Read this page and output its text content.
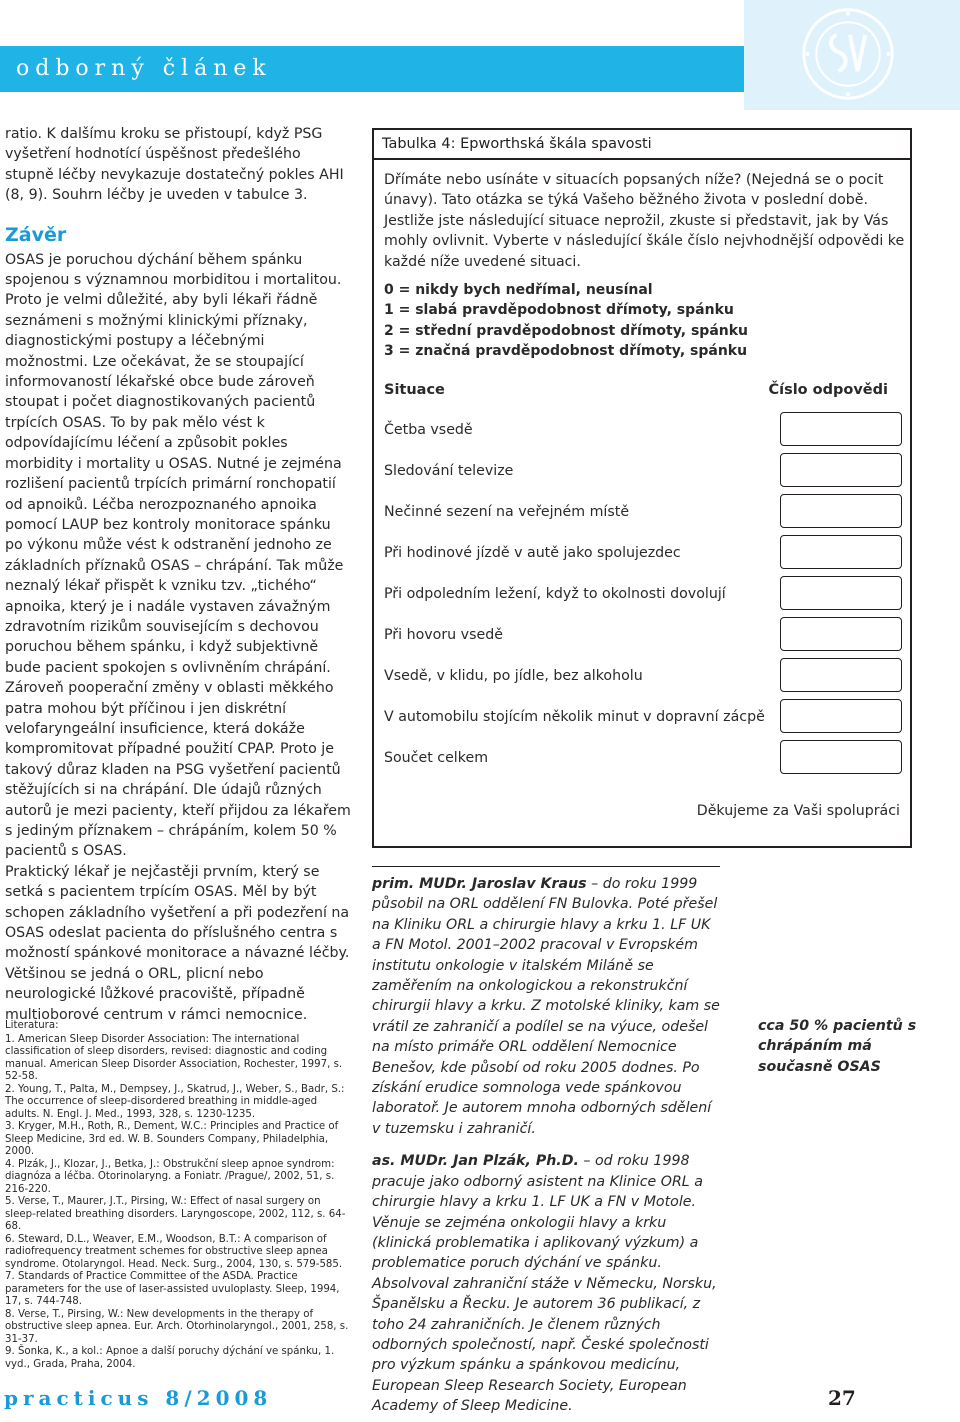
odborný článek

ratio. K dalšímu kroku se přistoupí, když PSG vyšetření hodnotící úspěšnost předešlého stupně léčby nevykazuje dostatečný pokles AHI (8, 9). Souhrn léčby je uveden v tabulce 3.

Závěr

OSAS je poruchou dýchání během spánku spojenou s významnou morbiditou i mortalitou. Proto je velmi důležité, aby byli lékaři řádně seznámeni s možnými klinickými příznaky, diagnostickými postupy a léčebnými možnostmi. Lze očekávat, že se stoupající informovaností lékařské obce bude zároveň stoupat i počet diagnostikovaných pacientů trpících OSAS. To by pak mělo vést k odpovídajícímu léčení a způsobit pokles morbidity i mortality u OSAS. Nutné je zejména rozlišení pacientů trpících primární ronchopatií od apnoiků. Léčba nerozpoznaného apnoika pomocí LAUP bez kontroly monitorace spánku po výkonu může vést k odstranění jednoho ze základních příznaků OSAS – chrápání. Tak může neznalý lékař přispět k vzniku tzv. „tichého“ apnoika, který je i nadále vystaven závažným zdravotním rizikům souvisejícím s dechovou poruchou během spánku, i když subjektivně bude pacient spokojen s ovlivněním chrápání. Zároveň pooperační změny v oblasti měkkého patra mohou být příčinou i jen diskrétní velofaryngeální insuficience, která dokáže kompromitovat případné použití CPAP. Proto je takový důraz kladen na PSG vyšetření pacientů stěžujících si na chrápání. Dle údajů různých autorů je mezi pacienty, kteří přijdou za lékařem s jediným příznakem – chrápáním, kolem 50 % pacientů s OSAS.

Praktický lékař je nejčastěji prvním, který se setká s pacientem trpícím OSAS. Měl by být schopen základního vyšetření a při podezření na OSAS odeslat pacienta do příslušného centra s možností spánkové monitorace a návazné léčby. Většinou se jedná o ORL, plicní nebo neurologické lůžkové pracoviště, případně multioborové centrum v rámci nemocnice.

Literatura:
1. American Sleep Disorder Association: The international classification of sleep disorders, revised: diagnostic and coding manual. American Sleep Disorder Association, Rochester, 1997, s. 52-58.
2. Young, T., Palta, M., Dempsey, J., Skatrud, J., Weber, S., Badr, S.: The occurrence of sleep-disordered breathing in middle-aged adults. N. Engl. J. Med., 1993, 328, s. 1230-1235.
3. Kryger, M.H., Roth, R., Dement, W.C.: Principles and Practice of Sleep Medicine, 3rd ed. W. B. Sounders Company, Philadelphia, 2000.
4. Plzák, J., Klozar, J., Betka, J.: Obstrukční sleep apnoe syndrom: diagnóza a léčba. Otorinolaryng. a Foniatr. /Prague/, 2002, 51, s. 216-220.
5. Verse, T., Maurer, J.T., Pirsing, W.: Effect of nasal surgery on sleep-related breathing disorders. Laryngoscope, 2002, 112, s. 64-68.
6. Steward, D.L., Weaver, E.M., Woodson, B.T.: A comparison of radiofrequency treatment schemes for obstructive sleep apnea syndrome. Otolaryngol. Head. Neck. Surg., 2004, 130, s. 579-585.
7. Standards of Practice Committee of the ASDA. Practice parameters for the use of laser-assisted uvuloplasty. Sleep, 1994, 17, s. 744-748.
8. Verse, T., Pirsing, W.: New developments in the therapy of obstructive sleep apnea. Eur. Arch. Otorhinolaryngol., 2001, 258, s. 31-37.
9. Šonka, K., a kol.: Apnoe a další poruchy dýchání ve spánku, 1. vyd., Grada, Praha, 2004.
Tabulka 4: Epworthská škála spavosti
Dřímáte nebo usínáte v situacích popsaných níže? (Nejedná se o pocit únavy). Tato otázka se týká Vašeho běžného života v poslední době. Jestliže jste následující situace neprožil, zkuste si představit, jak by Vás mohly ovlivnit. Vyberte v následující škále číslo nejvhodnější odpovědi ke každé níže uvedené situaci.
0 = nikdy bych nedřímal, neusínal
1 = slabá pravděpodobnost dřímoty, spánku
2 = střední pravděpodobnost dřímoty, spánku
3 = značná pravděpodobnost dřímoty, spánku
Situace	Číslo odpovědi
Četba vsedě
Sledování televize
Nečinné sezení na veřejném místě
Při hodinové jízdě v autě jako spolujezdec
Při odpoledním ležení, když to okolnosti dovolují
Při hovoru vsedě
Vsedě, v klidu, po jídle, bez alkoholu
V automobilu stojícím několik minut v dopravní zácpě
Součet celkem
Děkujeme za Vaši spolupráci

prim. MUDr. Jaroslav Kraus – do roku 1999 působil na ORL oddělení FN Bulovka. Poté přešel na Kliniku ORL a chirurgie hlavy a krku 1. LF UK a FN Motol. 2001–2002 pracoval v Evropském institutu onkologie v italském Miláně se zaměřením na onkologickou a rekonstrukční chirurgii hlavy a krku. Z motolské kliniky, kam se vrátil ze zahraničí a podílel se na výuce, odešel na místo primáře ORL oddělení Nemocnice Benešov, kde působí od roku 2005 dodnes. Po získání erudice somnologa vede spánkovou laboratoř. Je autorem mnoha odborných sdělení v tuzemsku i zahraničí.

as. MUDr. Jan Plzák, Ph.D. – od roku 1998 pracuje jako odborný asistent na Klinice ORL a chirurgie hlavy a krku 1. LF UK a FN v Motole. Věnuje se zejména onkologii hlavy a krku (klinická problematika i aplikovaný výzkum) a problematice poruch dýchání ve spánku. Absolvoval zahraniční stáže v Německu, Norsku, Španělsku a Řecku. Je autorem 36 publikací, z toho 24 zahraničních. Je členem různých odborných společností, např. České společnosti pro výzkum spánku a spánkovou medicínu, European Sleep Research Society, European Academy of Sleep Medicine.

cca 50 % pacientů s chrápáním má současně OSAS
practicus 8/2008	27
